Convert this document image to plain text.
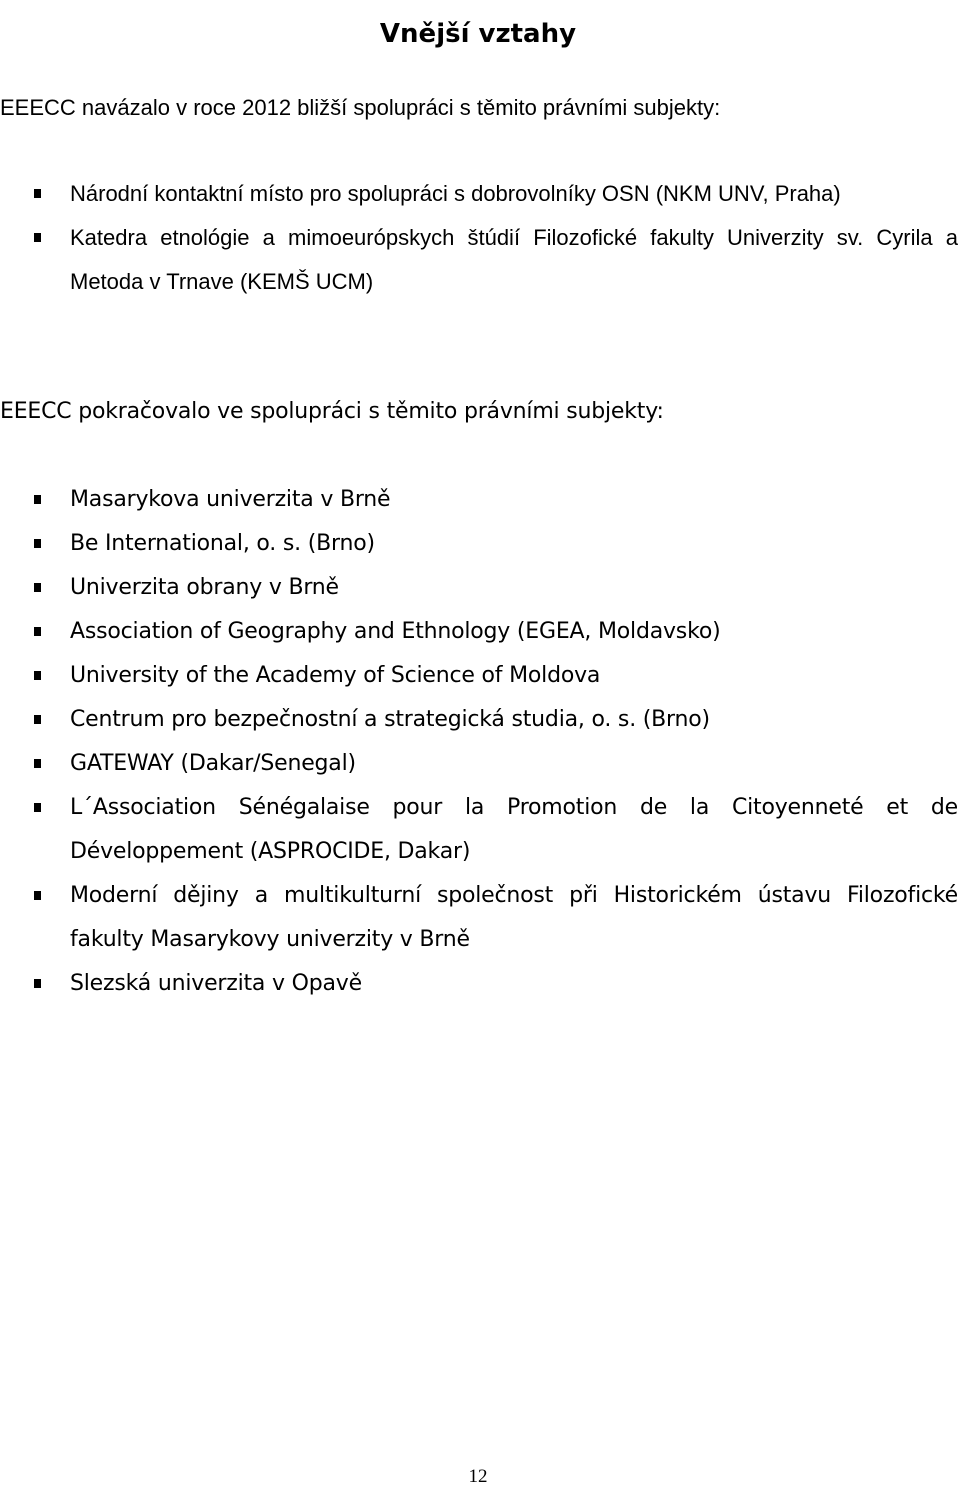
Vnější vztahy
EEECC navázalo v roce 2012 bližší spolupráci s těmito právními subjekty:
Národní kontaktní místo pro spolupráci s dobrovolníky OSN (NKM UNV, Praha)
Katedra etnológie a mimoeurópskych štúdií Filozofické fakulty Univerzity sv. Cyrila a Metoda v Trnave (KEMŠ UCM)
EEECC pokračovalo ve spolupráci s těmito právními subjekty:
Masarykova univerzita v Brně
Be International, o. s. (Brno)
Univerzita obrany v Brně
Association of Geography and Ethnology (EGEA, Moldavsko)
University of the Academy of Science of Moldova
Centrum pro bezpečnostní a strategická studia, o. s. (Brno)
GATEWAY (Dakar/Senegal)
L´Association Sénégalaise pour la Promotion de la Citoyenneté et de Développement (ASPROCIDE, Dakar)
Moderní dějiny a multikulturní společnost při Historickém ústavu Filozofické fakulty Masarykovy univerzity v Brně
Slezská univerzita v Opavě
12
